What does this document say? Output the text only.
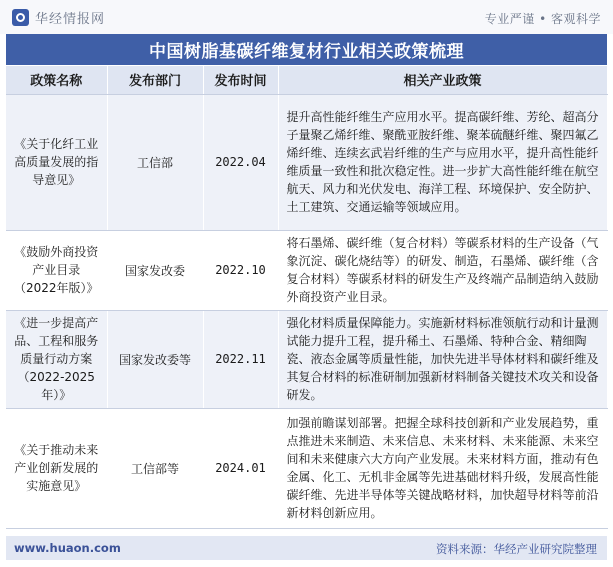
华经情报网	专业严谨 • 客观科学
中国树脂基碳纤维复材行业相关政策梳理
政策名称	发布部门	发布时间	相关产业政策
《关于化纤工业高质量发展的指导意见》	工信部	2022.04	提升高性能纤维生产应用水平。提高碳纤维、芳纶、超高分子量聚乙烯纤维、聚酰亚胺纤维、聚苯硫醚纤维、聚四氟乙烯纤维、连续玄武岩纤维的生产与应用水平，提升高性能纤维质量一致性和批次稳定性。进一步扩大高性能纤维在航空航天、风力和光伏发电、海洋工程、环境保护、安全防护、土工建筑、交通运输等领域应用。
《鼓励外商投资产业目录（2022年版）》	国家发改委	2022.10	将石墨烯、碳纤维（复合材料）等碳系材料的生产设备（气象沉淀、碳化烧结等）的研发、制造，石墨烯、碳纤维（含复合材料）等碳系材料的研发生产及终端产品制造纳入鼓励外商投资产业目录。
《进一步提高产品、工程和服务质量行动方案（2022-2025年）》	国家发改委等	2022.11	强化材料质量保障能力。实施新材料标准领航行动和计量测试能力提升工程，提升稀土、石墨烯、特种合金、精细陶瓷、液态金属等质量性能，加快先进半导体材料和碳纤维及其复合材料的标准研制加强新材料制备关键技术攻关和设备研发。
《关于推动未来产业创新发展的实施意见》	工信部等	2024.01	加强前瞻谋划部署。把握全球科技创新和产业发展趋势，重点推进未来制造、未来信息、未来材料、未来能源、未来空间和未来健康六大方向产业发展。未来材料方面，推动有色金属、化工、无机非金属等先进基础材料升级，发展高性能碳纤维、先进半导体等关键战略材料，加快超导材料等前沿新材料创新应用。
www.huaon.com	资料来源：华经产业研究院整理
